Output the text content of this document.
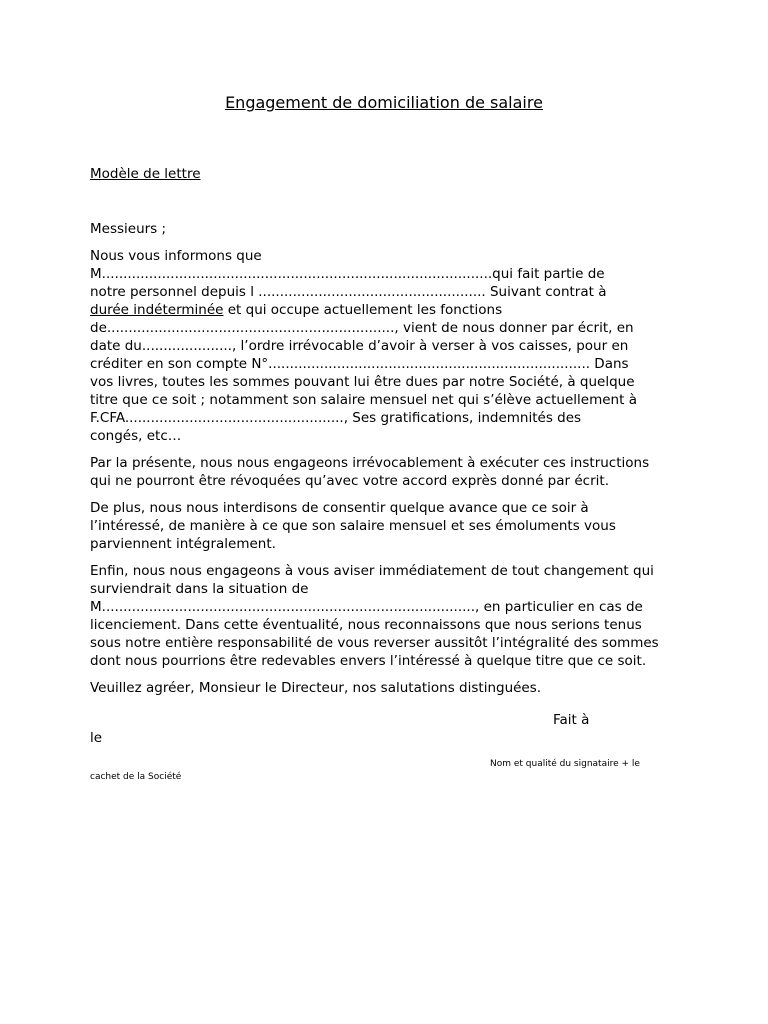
Engagement de domiciliation de salaire
Modèle de lettre

Messieurs ;

Nous vous informons que
M...........................................................................................qui fait partie de
notre personnel depuis l ..................................................... Suivant contrat à
durée indéterminée et qui occupe actuellement les fonctions
de..................................................................., vient de nous donner par écrit, en
date du....................., l’ordre irrévocable d’avoir à verser à vos caisses, pour en
créditer en son compte N°........................................................................... Dans
vos livres, toutes les sommes pouvant lui être dues par notre Société, à quelque
titre que ce soit ; notamment son salaire mensuel net qui s’élève actuellement à
F.CFA..................................................., Ses gratifications, indemnités des
congés, etc…

Par la présente, nous nous engageons irrévocablement à exécuter ces instructions
qui ne pourront être révoquées qu’avec votre accord exprès donné par écrit.

De plus, nous nous interdisons de consentir quelque avance que ce soir à
l’intéressé, de manière à ce que son salaire mensuel et ses émoluments vous
parviennent intégralement.

Enfin, nous nous engageons à vous aviser immédiatement de tout changement qui
surviendrait dans la situation de
M......................................................................................., en particulier en cas de
licenciement. Dans cette éventualité, nous reconnaissons que nous serions tenus
sous notre entière responsabilité de vous reverser aussitôt l’intégralité des sommes
dont nous pourrions être redevables envers l’intéressé à quelque titre que ce soit.

Veuillez agréer, Monsieur le Directeur, nos salutations distinguées.

Fait à
le
Nom et qualité du signataire + le
cachet de la Société
